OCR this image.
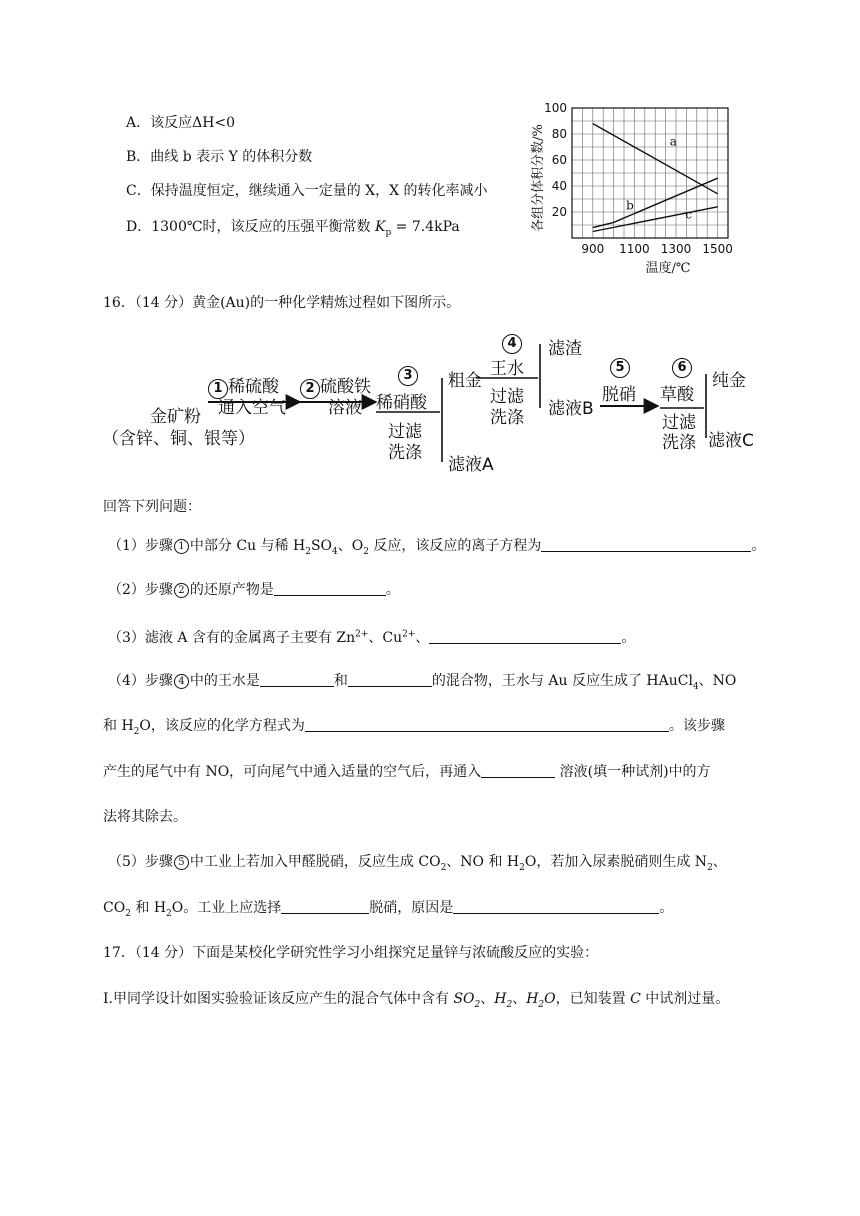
A．该反应ΔH<0
B．曲线 b 表示 Y 的体积分数
C．保持温度恒定，继续通入一定量的 X，X 的转化率减小
D．1300℃时，该反应的压强平衡常数 $K_p = 7.4kPa$	各组分体积分数/%
温度/℃
20
40
60
80
100
900 1100 1300 1500
a
b
c
16．（14 分）黄金(Au)的一种化学精炼过程如下图所示。
金矿粉
（含锌、铜、银等）
1 稀硫酸
通入空气
2 硫酸铁
溶液
3
稀硝酸
过滤
洗涤
粗金
滤液A
4
王水
过滤
洗涤
滤渣
滤液B
5
脱硝
6
草酸
过滤
洗涤
纯金
滤液C
回答下列问题：
（1）步骤 1 中部分 Cu 与稀 $H_2SO_4$、$O_2$ 反应，该反应的离子方程为	。
（2）步骤 2 的还原产物是	。
（3）滤液 A 含有的金属离子主要有 $Zn^{2+}$、$Cu^{2+}$、	。
（4）步骤 4 中的王水是	和	的混合物，王水与 Au 反应生成了 HAuCl$_4$、NO
和 $H_2O$，该反应的化学方程式为	。该步骤
产生的尾气中有 NO，可向尾气中通入适量的空气后，再通入	溶液(填一种试剂)中的方
法将其除去。
（5）步骤 5 中工业上若加入甲醛脱硝，反应生成 $CO_2$、NO 和 $H_2O$，若加入尿素脱硝则生成 $N_2$、
$CO_2$ 和 $H_2O$。工业上应选择	脱硝，原因是	。
17．（14 分）下面是某校化学研究性学习小组探究足量锌与浓硫酸反应的实验：
Ⅰ.甲同学设计如图实验验证该反应产生的混合气体中含有 $SO_2$、$H_2$、$H_2O$，已知装置 C 中试剂过量。
